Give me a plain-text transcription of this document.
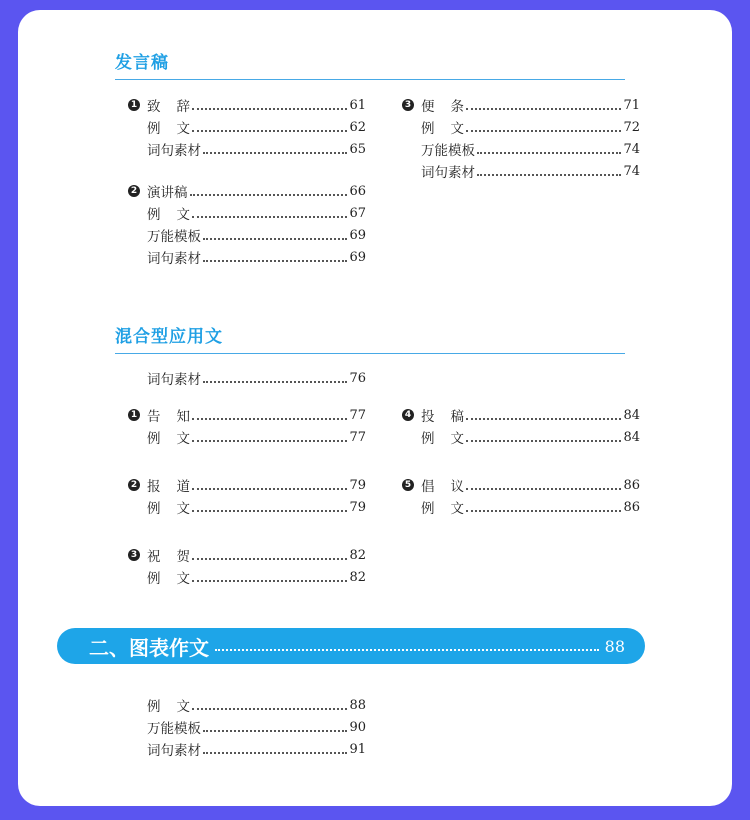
发言稿
1 致辞	61
例文	62
词句素材	65
2 演讲稿	66
例文	67
万能模板	69
词句素材	69
3 便条	71
例文	72
万能模板	74
词句素材	74
混合型应用文
词句素材	76
1 告知	77
例文	77
2 报道	79
例文	79
3 祝贺	82
例文	82
4 投稿	84
例文	84
5 倡议	86
例文	86
二、图表作文	88
例文	88
万能模板	90
词句素材	91
